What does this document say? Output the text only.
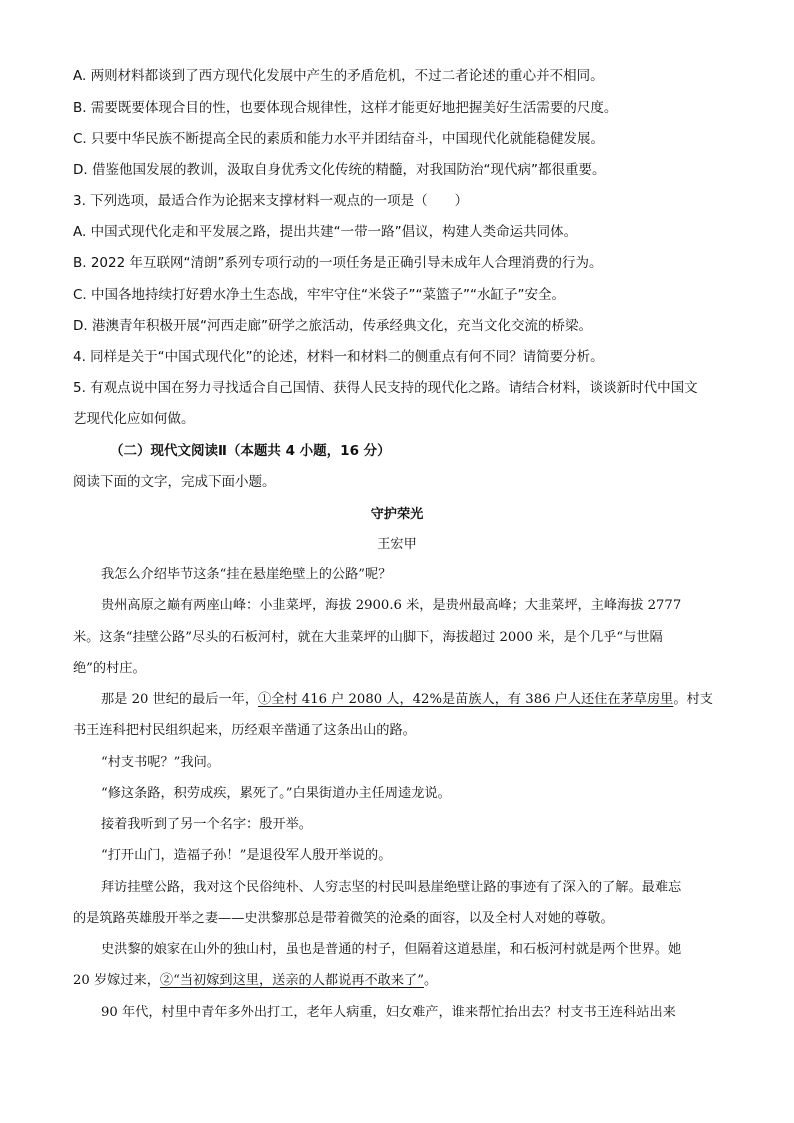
A. 两则材料都谈到了西方现代化发展中产生的矛盾危机，不过二者论述的重心并不相同。
B. 需要既要体现合目的性，也要体现合规律性，这样才能更好地把握美好生活需要的尺度。
C. 只要中华民族不断提高全民的素质和能力水平并团结奋斗，中国现代化就能稳健发展。
D. 借鉴他国发展的教训，汲取自身优秀文化传统的精髓，对我国防治“现代病”都很重要。
3. 下列选项，最适合作为论据来支撑材料一观点的一项是（　　）
A. 中国式现代化走和平发展之路，提出共建“一带一路”倡议，构建人类命运共同体。
B. 2022 年互联网“清朗”系列专项行动的一项任务是正确引导未成年人合理消费的行为。
C. 中国各地持续打好碧水净土生态战，牢牢守住“米袋子”“菜篮子”“水缸子”安全。
D. 港澳青年积极开展“河西走廊”研学之旅活动，传承经典文化，充当文化交流的桥梁。
4. 同样是关于“中国式现代化”的论述，材料一和材料二的侧重点有何不同？请简要分析。
5. 有观点说中国在努力寻找适合自己国情、获得人民支持的现代化之路。请结合材料，谈谈新时代中国文
艺现代化应如何做。
（二）现代文阅读Ⅱ（本题共 4 小题，16 分）
阅读下面的文字，完成下面小题。
守护荣光
王宏甲
我怎么介绍毕节这条“挂在悬崖绝壁上的公路”呢？
贵州高原之巅有两座山峰：小韭菜坪，海拔 2900.6 米，是贵州最高峰；大韭菜坪，主峰海拔 2777
米。这条“挂壁公路”尽头的石板河村，就在大韭菜坪的山脚下，海拔超过 2000 米，是个几乎“与世隔
绝”的村庄。
那是 20 世纪的最后一年，①全村 416 户 2080 人，42%是苗族人，有 386 户人还住在茅草房里。村支
书王连科把村民组织起来，历经艰辛凿通了这条出山的路。
“村支书呢？”我问。
“修这条路，积劳成疾，累死了。”白果街道办主任周逵龙说。
接着我听到了另一个名字：殷开举。
“打开山门，造福子孙！”是退役军人殷开举说的。
拜访挂壁公路，我对这个民俗纯朴、人穷志坚的村民叫悬崖绝壁让路的事迹有了深入的了解。最难忘
的是筑路英雄殷开举之妻——史洪黎那总是带着微笑的沧桑的面容，以及全村人对她的尊敬。
史洪黎的娘家在山外的独山村，虽也是普通的村子，但隔着这道悬崖，和石板河村就是两个世界。她
20 岁嫁过来，②“当初嫁到这里，送亲的人都说再不敢来了”。
90 年代，村里中青年多外出打工，老年人病重，妇女难产，谁来帮忙抬出去？村支书王连科站出来
